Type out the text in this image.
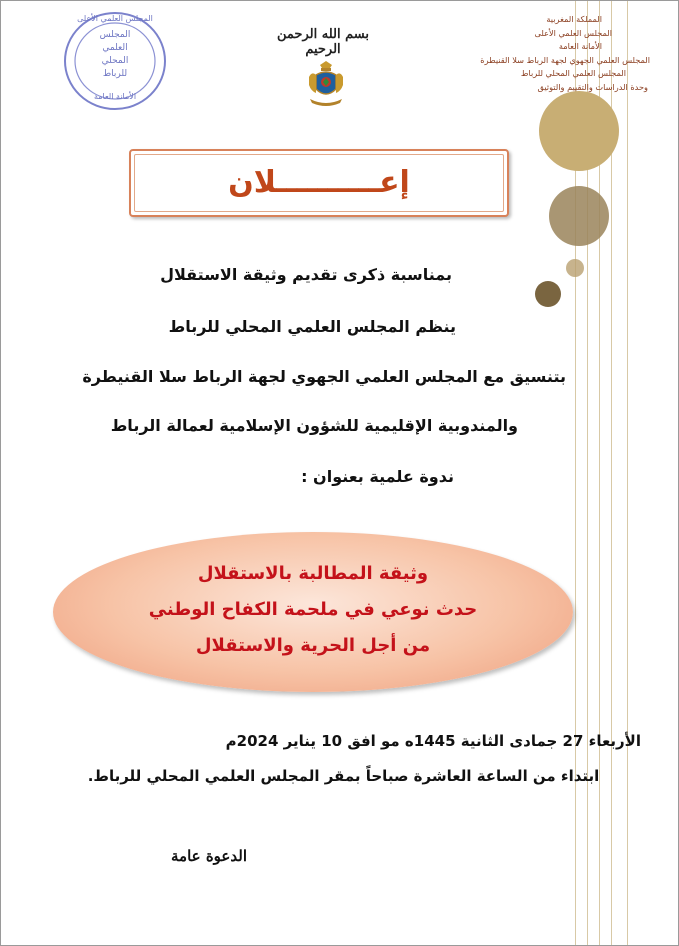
المملكة المغربية
المجلس العلمي الأعلى
الأمانة العامة
المجلس العلمي الجهوي لجهة الرباط سلا القنيطرة
المجلس العلمي المحلي للرباط
وحدة الدراسات والتقييم والتوثيق
بسم الله الرحمن الرحيم
المجلس العلمي الأعلى
المجلس
العلمي
المحلي
للرباط
الأمانة العامة
إعــــــــــلان
بمناسبة ذكرى تقديم وثيقة الاستقلال
ينظم المجلس العلمي المحلي للرباط
بتنسيق مع المجلس العلمي الجهوي لجهة الرباط سلا القنيطرة
والمندوبية الإقليمية للشؤون الإسلامية لعمالة الرباط
ندوة علمية بعنوان :
وثيقة المطالبة بالاستقلال
حدث نوعي في ملحمة الكفاح الوطني
من أجل الحرية والاستقلال
الأربعاء 27 جمادى الثانية 1445ه مو افق 10 يناير 2024م
ابتداء من الساعة العاشرة صباحاً بمقر المجلس العلمي المحلي للرباط.
الدعوة عامة
